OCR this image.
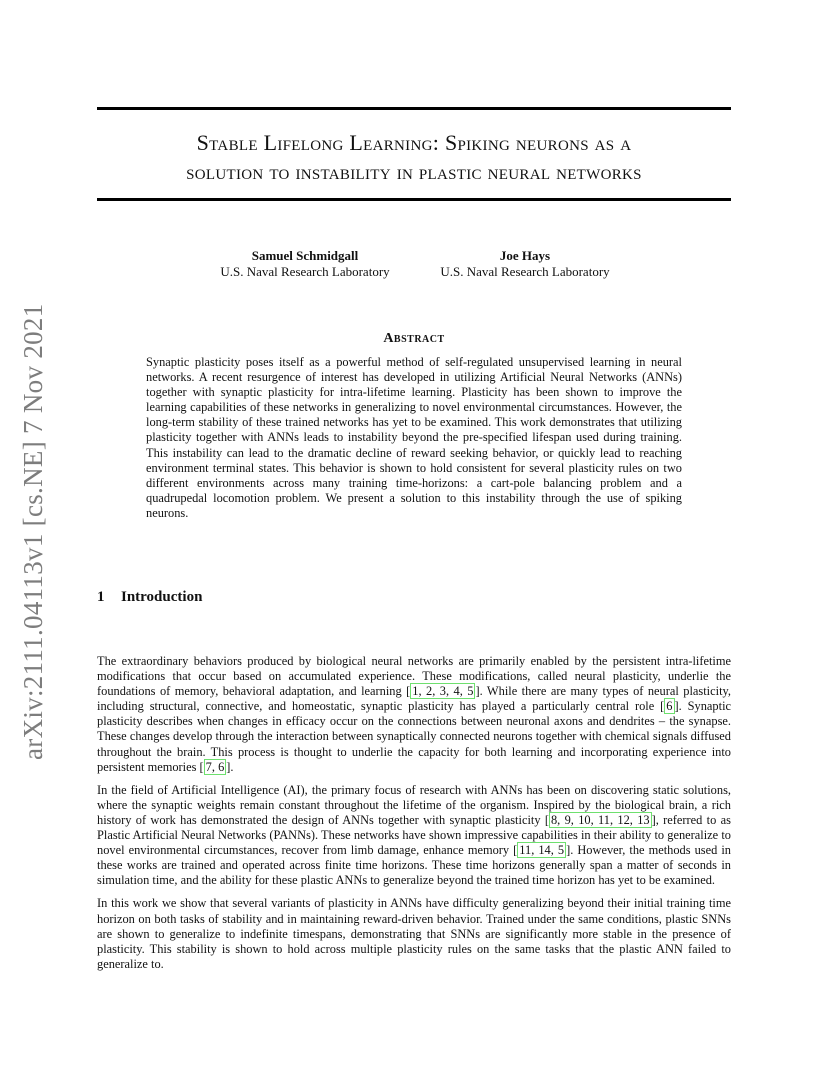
arXiv:2111.04113v1 [cs.NE] 7 Nov 2021
Stable Lifelong Learning: Spiking neurons as a
solution to instability in plastic neural networks
Samuel Schmidgall
U.S. Naval Research Laboratory
Joe Hays
U.S. Naval Research Laboratory
Abstract
Synaptic plasticity poses itself as a powerful method of self-regulated unsupervised learning in neural networks. A recent resurgence of interest has developed in utilizing Artificial Neural Networks (ANNs) together with synaptic plasticity for intra-lifetime learning. Plasticity has been shown to improve the learning capabilities of these networks in generalizing to novel environmental circumstances. However, the long-term stability of these trained networks has yet to be examined. This work demonstrates that utilizing plasticity together with ANNs leads to instability beyond the pre-specified lifespan used during training. This instability can lead to the dramatic decline of reward seeking behavior, or quickly lead to reaching environment terminal states. This behavior is shown to hold consistent for several plasticity rules on two different environments across many training time-horizons: a cart-pole balancing problem and a quadrupedal locomotion problem. We present a solution to this instability through the use of spiking neurons.
1 Introduction

The extraordinary behaviors produced by biological neural networks are primarily enabled by the persistent intra-lifetime modifications that occur based on accumulated experience. These modifications, called neural plasticity, underlie the foundations of memory, behavioral adaptation, and learning [ 1, 2, 3, 4, 5 ]. While there are many types of neural plasticity, including structural, connective, and homeostatic, synaptic plasticity has played a particularly central role [ 6 ]. Synaptic plasticity describes when changes in efficacy occur on the connections between neuronal axons and dendrites – the synapse. These changes develop through the interaction between synaptically connected neurons together with chemical signals diffused throughout the brain. This process is thought to underlie the capacity for both learning and incorporating experience into persistent memories [ 7, 6 ].

In the field of Artificial Intelligence (AI), the primary focus of research with ANNs has been on discovering static solutions, where the synaptic weights remain constant throughout the lifetime of the organism. Inspired by the biological brain, a rich history of work has demonstrated the design of ANNs together with synaptic plasticity [ 8, 9, 10, 11, 12, 13 ], referred to as Plastic Artificial Neural Networks (PANNs). These networks have shown impressive capabilities in their ability to generalize to novel environmental circumstances, recover from limb damage, enhance memory [ 11, 14, 5 ]. However, the methods used in these works are trained and operated across finite time horizons. These time horizons generally span a matter of seconds in simulation time, and the ability for these plastic ANNs to generalize beyond the trained time horizon has yet to be examined.

In this work we show that several variants of plasticity in ANNs have difficulty generalizing beyond their initial training time horizon on both tasks of stability and in maintaining reward-driven behavior. Trained under the same conditions, plastic SNNs are shown to generalize to indefinite timespans, demonstrating that SNNs are significantly more stable in the presence of plasticity. This stability is shown to hold across multiple plasticity rules on the same tasks that the plastic ANN failed to generalize to.
